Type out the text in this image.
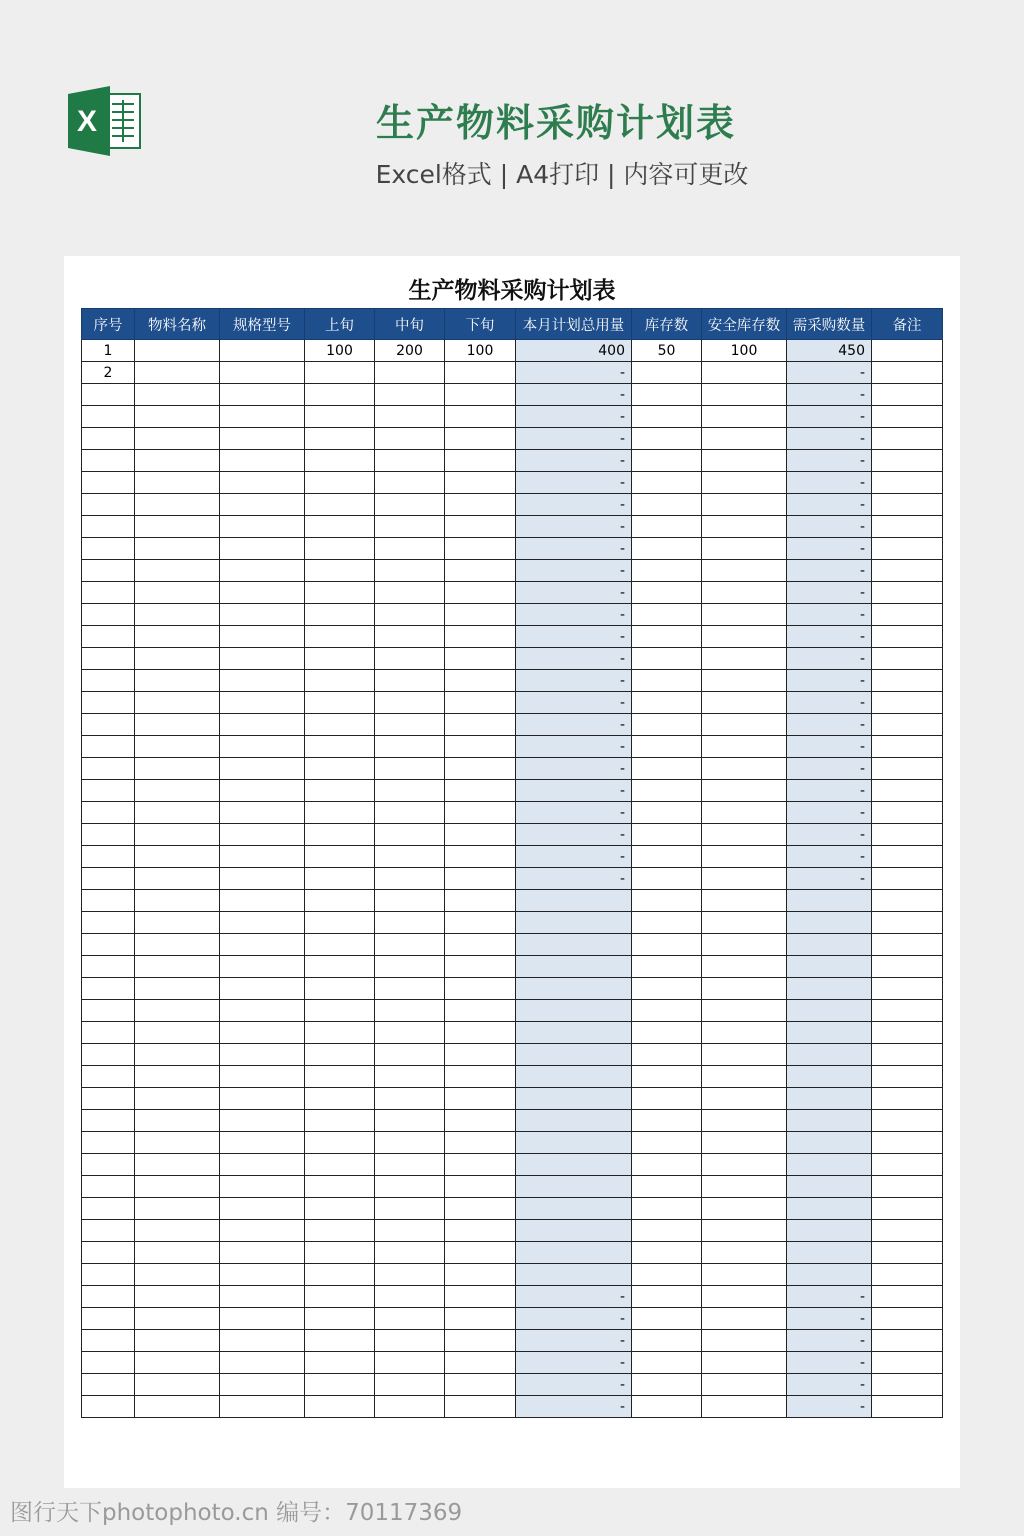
X	生产物料采购计划表
Excel格式 | A4打印 | 内容可更改
生产物料采购计划表
序号	物料名称	规格型号	上旬	中旬	下旬	本月计划总用量	库存数	安全库存数	需采购数量	备注
1			100	200	100	400	50	100	450	
2						-			-	
						-			-	
						-			-	
						-			-	
						-			-	
						-			-	
						-			-	
						-			-	
						-			-	
						-			-	
						-			-	
						-			-	
						-			-	
						-			-	
						-			-	
						-			-	
						-			-	
						-			-	
						-			-	
						-			-	
						-			-	
						-			-	
						-			-	
						-			-	

						-			-	
						-			-	
						-			-	
						-			-	
						-			-	
						-			-	
图行天下photophoto.cn 编号：70117369
